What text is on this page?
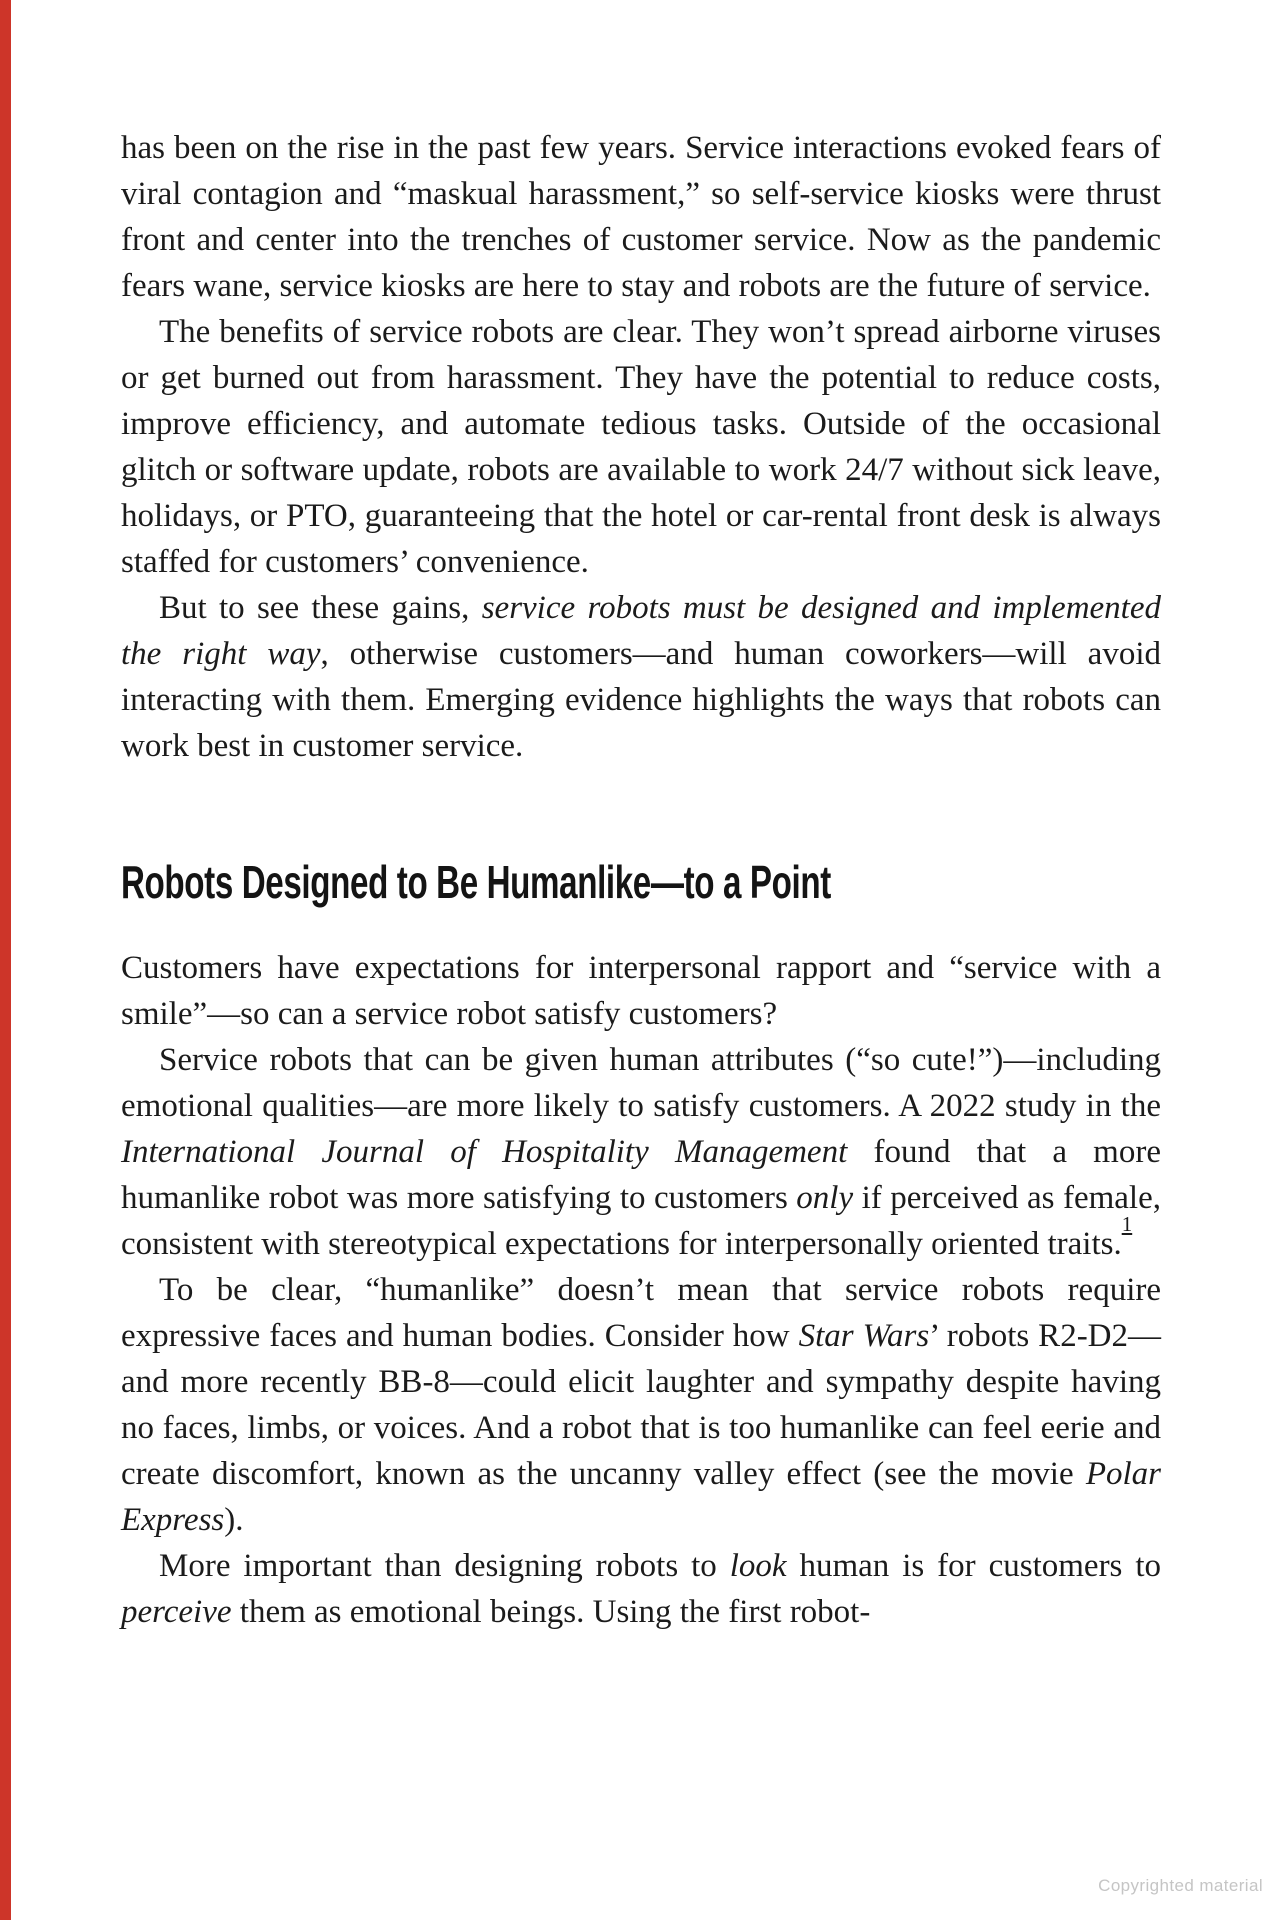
has been on the rise in the past few years. Service interactions evoked fears of viral contagion and “maskual harassment,” so self-service kiosks were thrust front and center into the trenches of customer service. Now as the pandemic fears wane, service kiosks are here to stay and robots are the future of service.

The benefits of service robots are clear. They won’t spread airborne viruses or get burned out from harassment. They have the potential to reduce costs, improve efficiency, and automate tedious tasks. Outside of the occasional glitch or software update, robots are available to work 24/7 without sick leave, holidays, or PTO, guaranteeing that the hotel or car-rental front desk is always staffed for customers’ convenience.

But to see these gains, service robots must be designed and implemented the right way, otherwise customers—and human coworkers—will avoid interacting with them. Emerging evidence highlights the ways that robots can work best in customer service.

Robots Designed to Be Humanlike—to a Point

Customers have expectations for interpersonal rapport and “service with a smile”—so can a service robot satisfy customers?

Service robots that can be given human attributes (“so cute!”)—including emotional qualities—are more likely to satisfy customers. A 2022 study in the International Journal of Hospitality Management found that a more humanlike robot was more satisfying to customers only if perceived as female, consistent with stereotypical expectations for interpersonally oriented traits.$^1$

To be clear, “humanlike” doesn’t mean that service robots require expressive faces and human bodies. Consider how Star Wars’ robots R2-D2—and more recently BB-8—could elicit laughter and sympathy despite having no faces, limbs, or voices. And a robot that is too humanlike can feel eerie and create discomfort, known as the uncanny valley effect (see the movie Polar Express).

More important than designing robots to look human is for customers to perceive them as emotional beings. Using the first robot-

Copyrighted material
